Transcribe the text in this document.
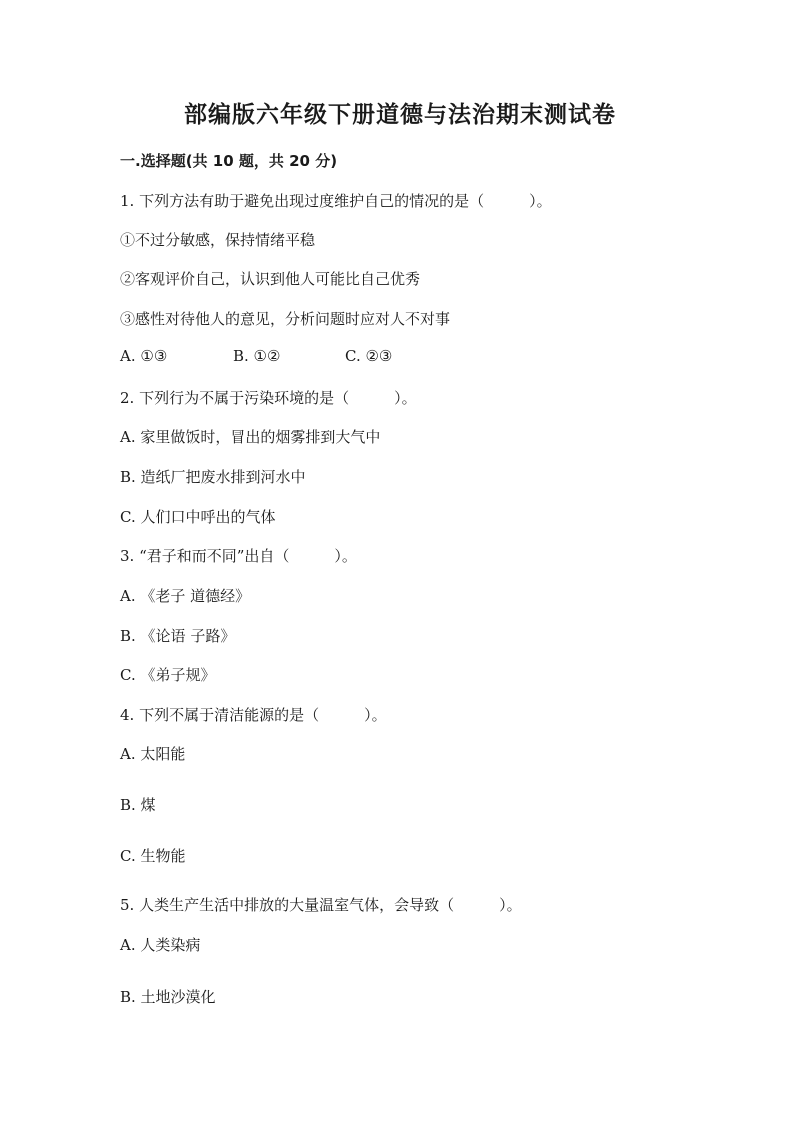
部编版六年级下册道德与法治期末测试卷
一.选择题(共 10 题，共 20 分)
1. 下列方法有助于避免出现过度维护自己的情况的是（　　　）。
①不过分敏感，保持情绪平稳
②客观评价自己，认识到他人可能比自己优秀
③感性对待他人的意见，分析问题时应对人不对事
A. ①③	B. ①②	C. ②③
2. 下列行为不属于污染环境的是（　　　）。
A. 家里做饭时，冒出的烟雾排到大气中
B. 造纸厂把废水排到河水中
C. 人们口中呼出的气体
3. “君子和而不同”出自（　　　）。
A. 《老子 道德经》
B. 《论语 子路》
C. 《弟子规》
4. 下列不属于清洁能源的是（　　　）。
A. 太阳能
B. 煤
C. 生物能
5. 人类生产生活中排放的大量温室气体，会导致（　　　）。
A. 人类染病
B. 土地沙漠化
